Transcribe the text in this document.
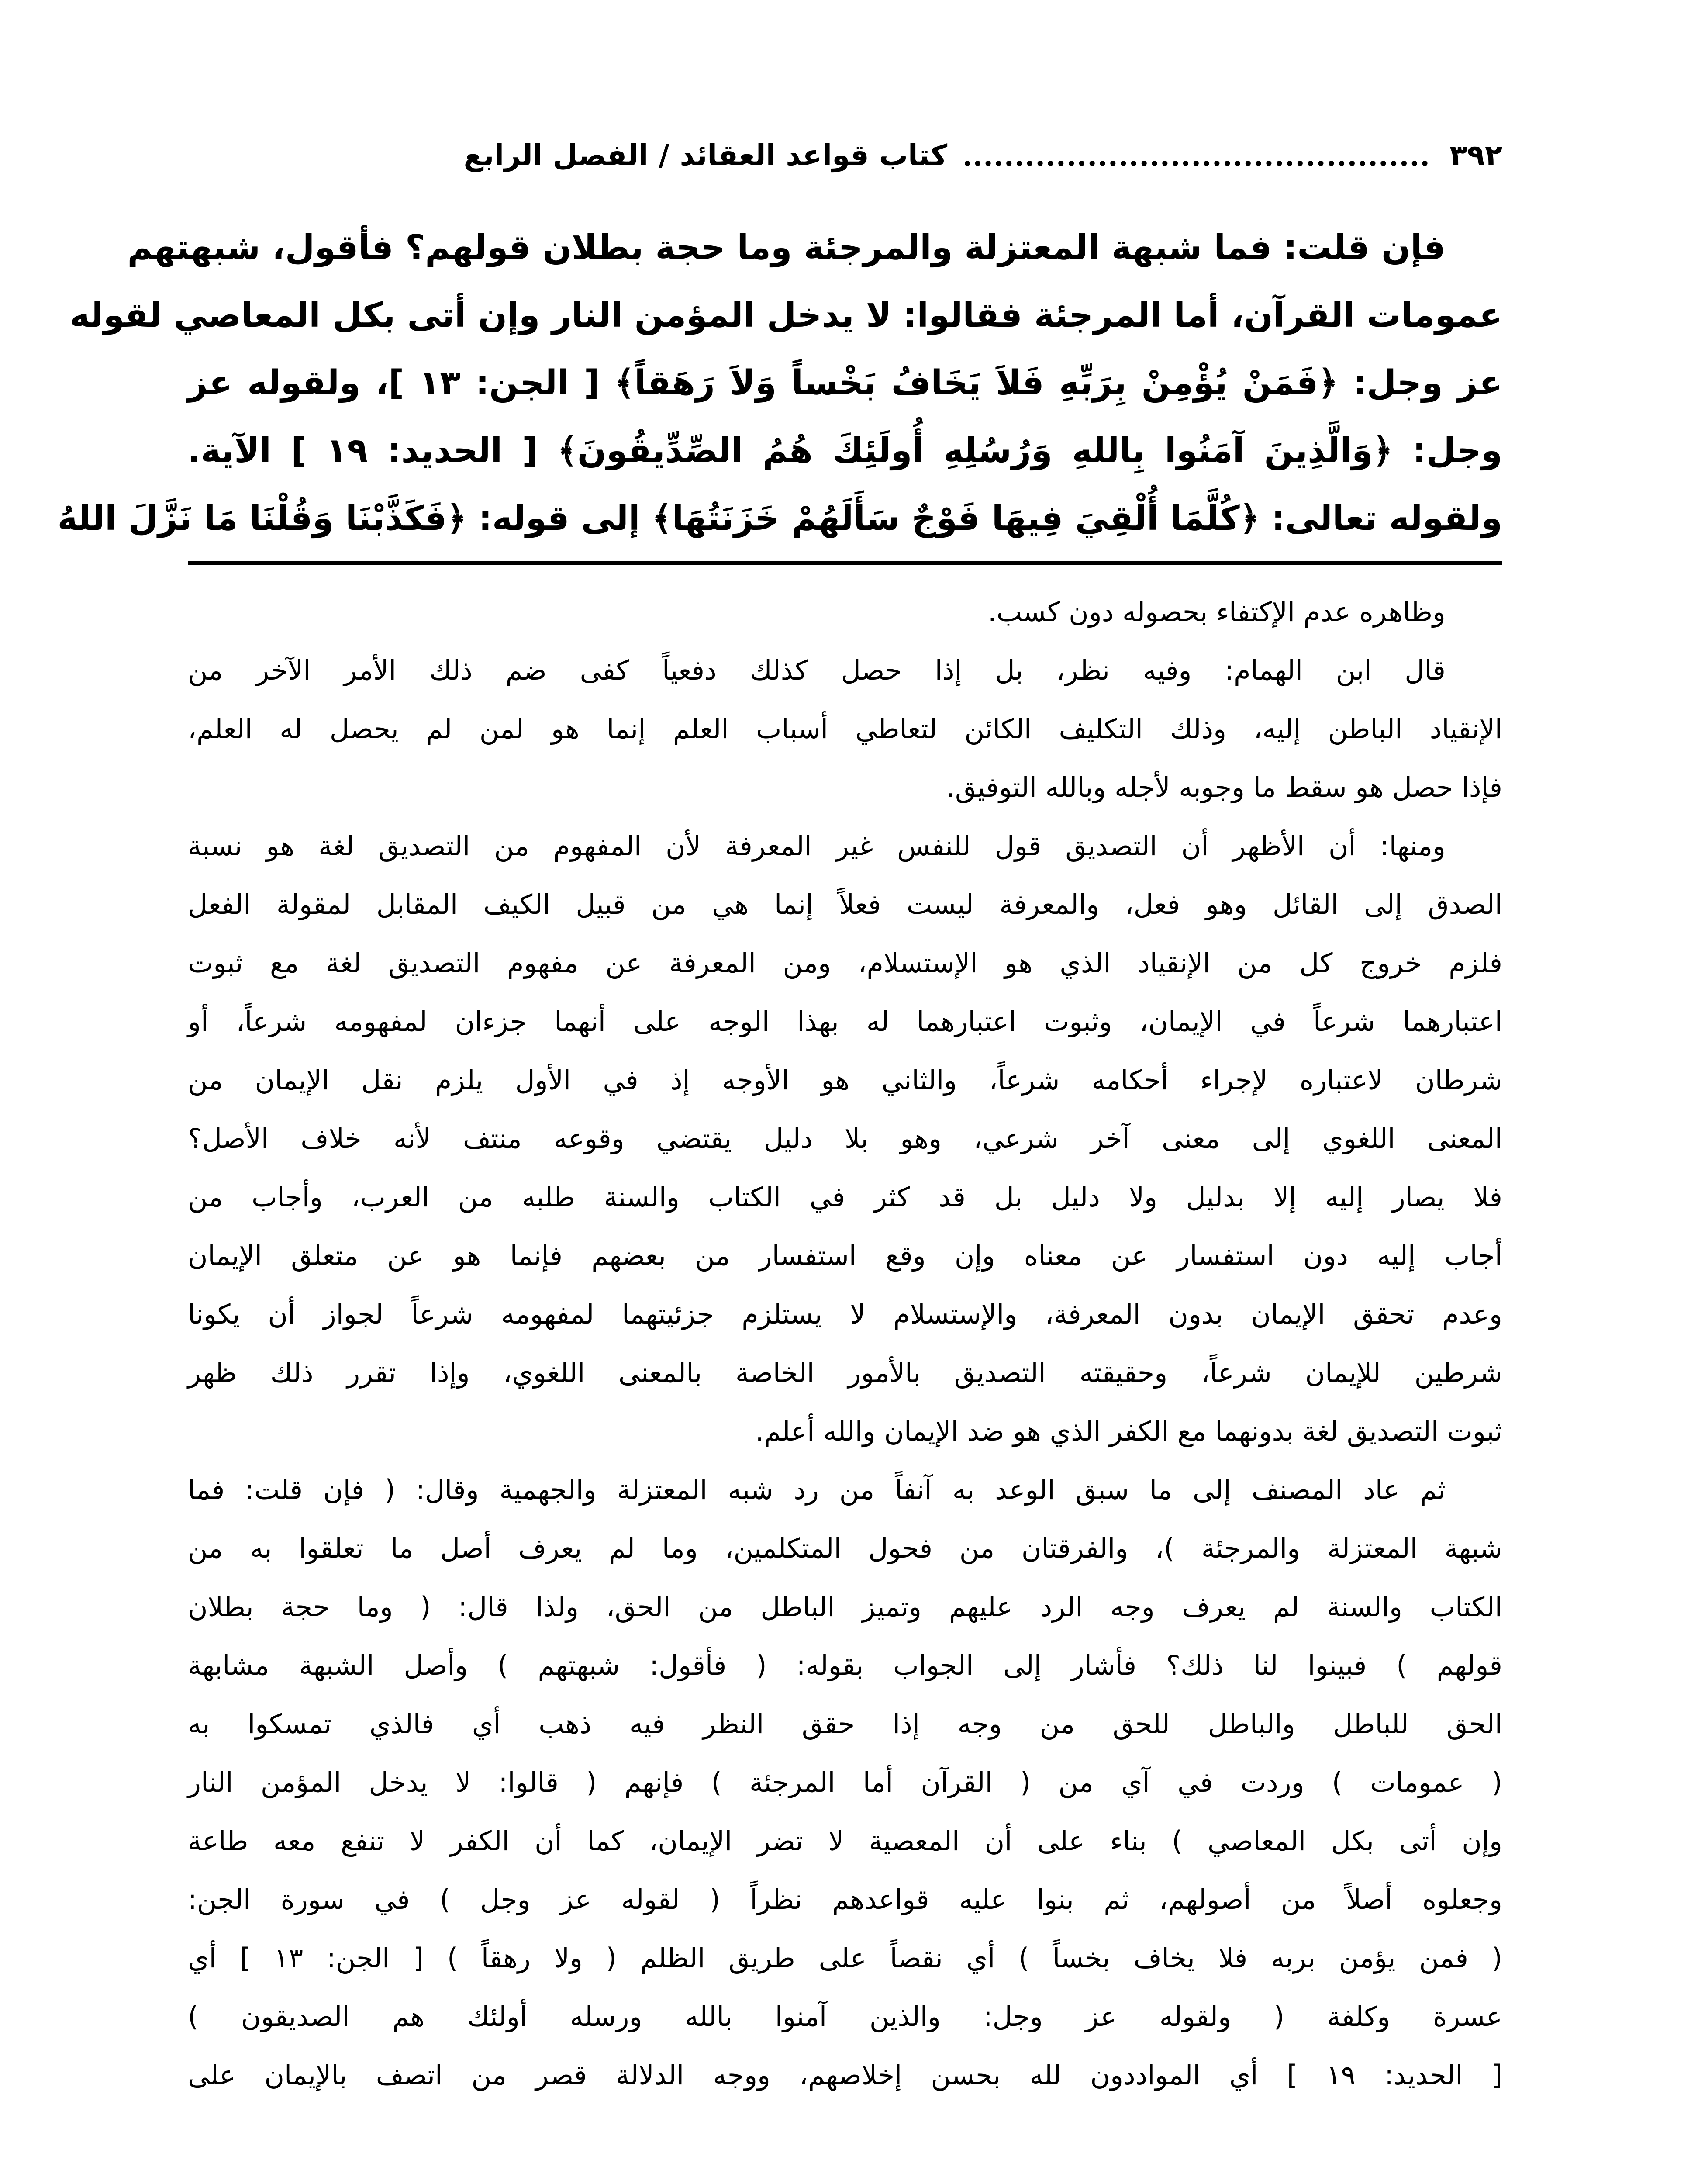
٣٩٢
كتاب قواعد العقائد
/
الفصل الرابع
فإن قلت: فما شبهة المعتزلة والمرجئة وما حجة بطلان قولهم؟ فأقول، شبهتهم
عمومات القرآن، أما المرجئة فقالوا: لا يدخل المؤمن النار وإن أتى بكل المعاصي لقوله
عز وجل: ﴿فَمَنْ يُؤْمِنْ بِرَبِّهِ فَلاَ يَخَافُ بَخْساً وَلاَ رَهَقاً﴾ [ الجن: ١٣ ]، ولقوله عز
وجل: ﴿وَالَّذِينَ آمَنُوا بِاللهِ وَرُسُلِهِ أُولَئِكَ هُمُ الصِّدِّيقُونَ﴾ [ الحديد: ١٩ ] الآية.
ولقوله تعالى: ﴿كُلَّمَا أُلْقِيَ فِيهَا فَوْجٌ سَأَلَهُمْ خَزَنَتُهَا﴾ إلى قوله: ﴿فَكَذَّبْنَا وَقُلْنَا مَا نَزَّلَ اللهُ
وظاهره عدم الإكتفاء بحصوله دون كسب.
قال ابن الهمام: وفيه نظر، بل إذا حصل كذلك دفعياً كفى ضم ذلك الأمر الآخر من
الإنقياد الباطن إليه، وذلك التكليف الكائن لتعاطي أسباب العلم إنما هو لمن لم يحصل له العلم،
فإذا حصل هو سقط ما وجوبه لأجله وبالله التوفيق.
ومنها: أن الأظهر أن التصديق قول للنفس غير المعرفة لأن المفهوم من التصديق لغة هو نسبة
الصدق إلى القائل وهو فعل، والمعرفة ليست فعلاً إنما هي من قبيل الكيف المقابل لمقولة الفعل
فلزم خروج كل من الإنقياد الذي هو الإستسلام، ومن المعرفة عن مفهوم التصديق لغة مع ثبوت
اعتبارهما شرعاً في الإيمان، وثبوت اعتبارهما له بهذا الوجه على أنهما جزءان لمفهومه شرعاً، أو
شرطان لاعتباره لإجراء أحكامه شرعاً، والثاني هو الأوجه إذ في الأول يلزم نقل الإيمان من
المعنى اللغوي إلى معنى آخر شرعي، وهو بلا دليل يقتضي وقوعه منتف لأنه خلاف الأصل؟
فلا يصار إليه إلا بدليل ولا دليل بل قد كثر في الكتاب والسنة طلبه من العرب، وأجاب من
أجاب إليه دون استفسار عن معناه وإن وقع استفسار من بعضهم فإنما هو عن متعلق الإيمان
وعدم تحقق الإيمان بدون المعرفة، والإستسلام لا يستلزم جزئيتهما لمفهومه شرعاً لجواز أن يكونا
شرطين للإيمان شرعاً، وحقيقته التصديق بالأمور الخاصة بالمعنى اللغوي، وإذا تقرر ذلك ظهر
ثبوت التصديق لغة بدونهما مع الكفر الذي هو ضد الإيمان والله أعلم.
ثم عاد المصنف إلى ما سبق الوعد به آنفاً من رد شبه المعتزلة والجهمية وقال: ( فإن قلت: فما
شبهة المعتزلة والمرجئة )، والفرقتان من فحول المتكلمين، وما لم يعرف أصل ما تعلقوا به من
الكتاب والسنة لم يعرف وجه الرد عليهم وتميز الباطل من الحق، ولذا قال: ( وما حجة بطلان
قولهم ) فبينوا لنا ذلك؟ فأشار إلى الجواب بقوله: ( فأقول: شبهتهم ) وأصل الشبهة مشابهة
الحق للباطل والباطل للحق من وجه إذا حقق النظر فيه ذهب أي فالذي تمسكوا به
( عمومات ) وردت في آي من ( القرآن أما المرجئة ) فإنهم ( قالوا: لا يدخل المؤمن النار
وإن أتى بكل المعاصي ) بناء على أن المعصية لا تضر الإيمان، كما أن الكفر لا تنفع معه طاعة
وجعلوه أصلاً من أصولهم، ثم بنوا عليه قواعدهم نظراً ( لقوله عز وجل ) في سورة الجن:
( فمن يؤمن بربه فلا يخاف بخساً ) أي نقصاً على طريق الظلم ( ولا رهقاً ) [ الجن: ١٣ ] أي
عسرة وكلفة ( ولقوله عز وجل: والذين آمنوا بالله ورسله أولئك هم الصديقون )
[ الحديد: ١٩ ] أي المواددون لله بحسن إخلاصهم، ووجه الدلالة قصر من اتصف بالإيمان على
